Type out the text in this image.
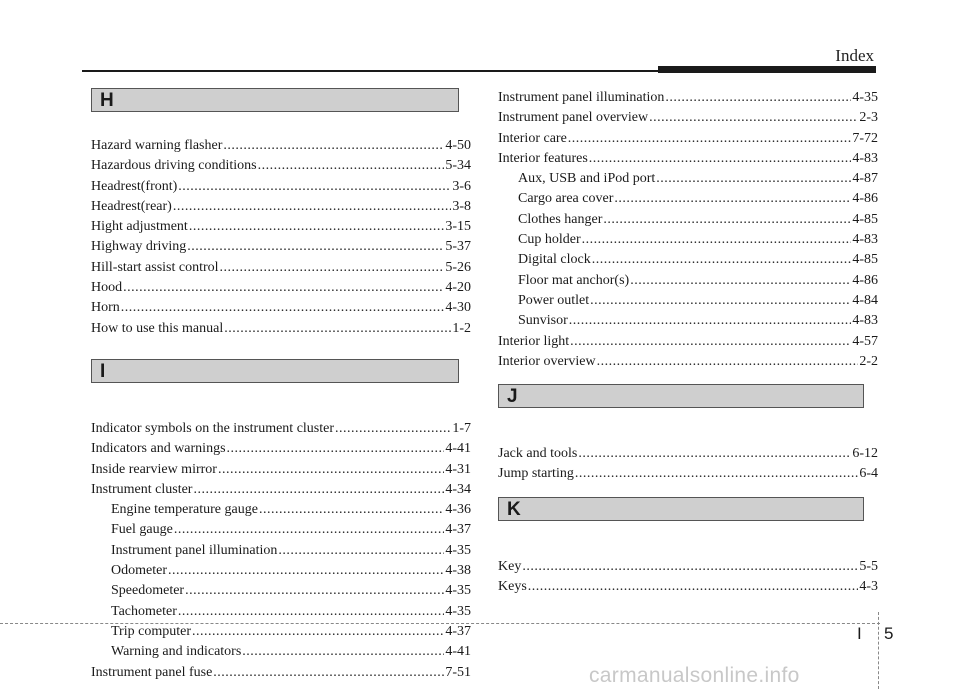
Index
H
Hazard warning flasher .....	4-50
Hazardous driving conditions .....	5-34
Headrest(front) .....	3-6
Headrest(rear) .....	3-8
Hight adjustment .....	3-15
Highway driving .....	5-37
Hill-start assist control .....	5-26
Hood .....	4-20
Horn .....	4-30
How to use this manual .....	1-2
I
Indicator symbols on the instrument cluster .....	1-7
Indicators and warnings .....	4-41
Inside rearview mirror .....	4-31
Instrument cluster .....	4-34
Engine temperature gauge .....	4-36
Fuel gauge .....	4-37
Instrument panel illumination .....	4-35
Odometer .....	4-38
Speedometer .....	4-35
Tachometer .....	4-35
Trip computer .....	4-37
Warning and indicators .....	4-41
Instrument panel fuse .....	7-51
Instrument panel illumination .....	4-35
Instrument panel overview .....	2-3
Interior care .....	7-72
Interior features .....	4-83
Aux, USB and iPod port .....	4-87
Cargo area cover .....	4-86
Clothes hanger .....	4-85
Cup holder .....	4-83
Digital clock .....	4-85
Floor mat anchor(s) .....	4-86
Power outlet .....	4-84
Sunvisor .....	4-83
Interior light .....	4-57
Interior overview .....	2-2
J
Jack and tools .....	6-12
Jump starting .....	6-4
K
Key .....	5-5
Keys .....	4-3
I 5
carmanualsonline.info
